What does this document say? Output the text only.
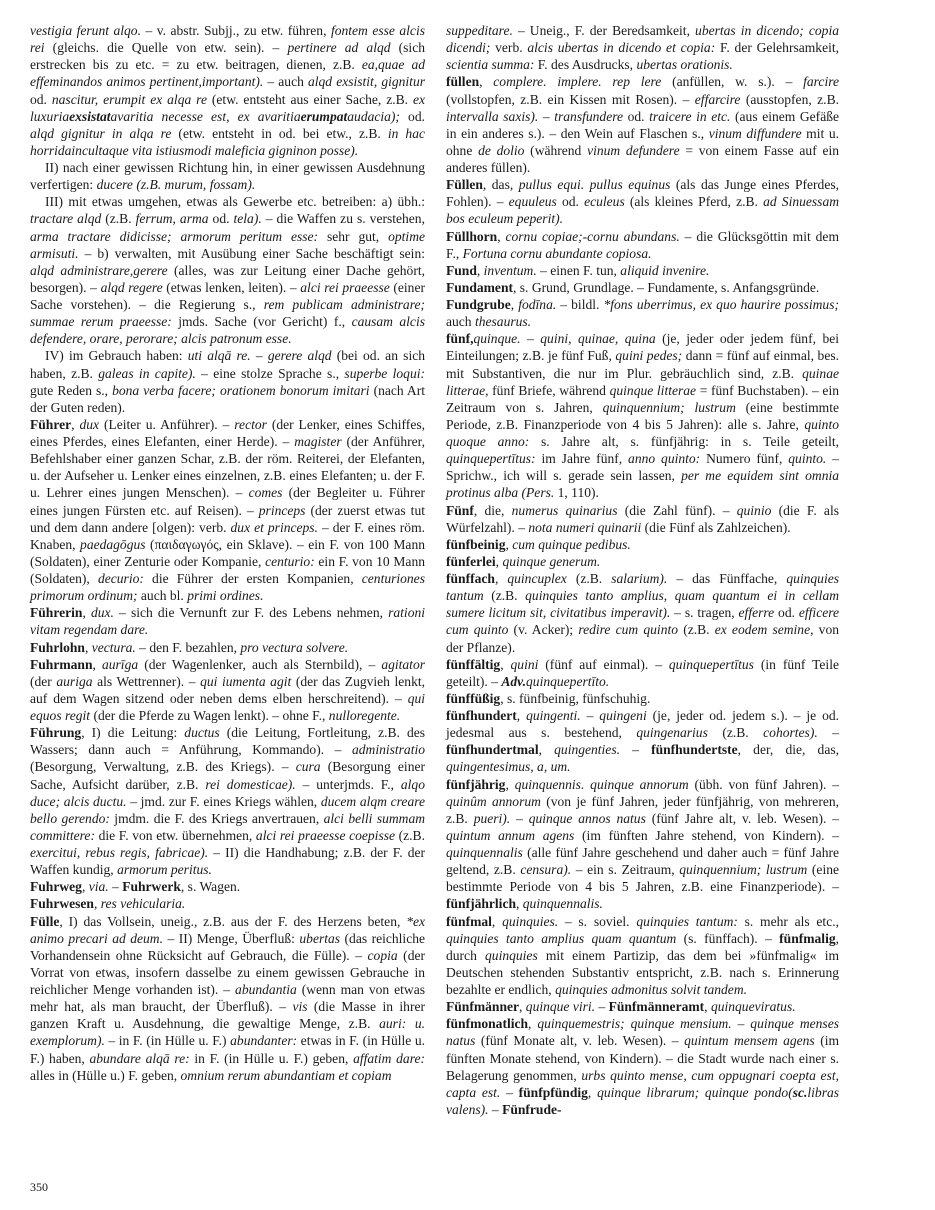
vestigia ferunt alqo. – v. abstr. Subjj., zu etw. führen, fontem esse alcis rei (gleichs. die Quelle von etw. sein). – pertinere ad alqd (sich erstrecken bis zu etc. = zu etw. beitragen, dienen, z.B. ea,quae ad effeminandos animos pertinent,important). – auch alqd exsistit, gignitur od. nascitur, erumpit ex alqa re (etw. entsteht aus einer Sache, z.B. ex luxuriaexsistatavaritia necesse est, ex avaritiaerumpataudacia); od. alqd gignitur in alqa re (etw. entsteht in od. bei etw., z.B. in hac horridaincultaque vita istiusmodi maleficia gigninon posse).

II) nach einer gewissen Richtung hin, in einer gewissen Ausdehnung verfertigen: ducere (z.B. murum, fossam).

III) mit etwas umgehen, etwas als Gewerbe etc. betreiben: a) übh.: tractare alqd (z.B. ferrum, arma od. tela). – die Waffen zu s. verstehen, arma tractare didicisse; armorum peritum esse: sehr gut, optime armisuti. – b) verwalten, mit Ausübung einer Sache beschäftigt sein: alqd administrare,gerere (alles, was zur Leitung einer Dache gehört, besorgen). – alqd regere (etwas lenken, leiten). – alci rei praeesse (einer Sache vorstehen). – die Regierung s., rem publicam administrare; summae rerum praeesse: jmds. Sache (vor Gericht) f., causam alcis defendere, orare, perorare; alcis patronum esse.

IV) im Gebrauch haben: uti alqā re. – gerere alqd (bei od. an sich haben, z.B. galeas in capite). – eine stolze Sprache s., superbe loqui: gute Reden s., bona verba facere; orationem bonorum imitari (nach Art der Guten reden).

Führer, dux (Leiter u. Anführer). – rector (der Lenker, eines Schiffes, eines Pferdes, eines Elefanten, einer Herde). – magister (der Anführer, Befehlshaber einer ganzen Schar, z.B. der röm. Reiterei, der Elefanten, u. der Aufseher u. Lenker eines einzelnen, z.B. eines Elefanten; u. der F. u. Lehrer eines jungen Menschen). – comes (der Begleiter u. Führer eines jungen Fürsten etc. auf Reisen). – princeps (der zuerst etwas tut und dem dann andere [olgen): verb. dux et princeps. – der F. eines röm. Knaben, paedagōgus (παιδαγωγός, ein Sklave). – ein F. von 100 Mann (Soldaten), einer Zenturie oder Kompanie, centurio: ein F. von 10 Mann (Soldaten), decurio: die Führer der ersten Kompanien, centuriones primorum ordinum; auch bl. primi ordines.

Führerin, dux. – sich die Vernunft zur F. des Lebens nehmen, rationi vitam regendam dare.

Fuhrlohn, vectura. – den F. bezahlen, pro vectura solvere.

Fuhrmann, aurīga (der Wagenlenker, auch als Sternbild), – agitator (der auriga als Wettrenner). – qui iumenta agit (der das Zugvieh lenkt, auf dem Wagen sitzend oder neben dems elben herschreitend). – qui equos regit (der die Pferde zu Wagen lenkt). – ohne F., nulloregente.

Führung, I) die Leitung: ductus (die Leitung, Fortleitung, z.B. des Wassers; dann auch = Anführung, Kommando). – administratio (Besorgung, Verwaltung, z.B. des Kriegs). – cura (Besorgung einer Sache, Aufsicht darüber, z.B. rei domesticae). – unterjmds. F., alqo duce; alcis ductu. – jmd. zur F. eines Kriegs wählen, ducem alqm creare bello gerendo: jmdm. die F. des Kriegs anvertrauen, alci belli summam committere: die F. von etw. übernehmen, alci rei praeesse coepisse (z.B. exercitui, rebus regis, fabricae). – II) die Handhabung; z.B. der F. der Waffen kundig, armorum peritus.

Fuhrweg, via. – Fuhrwerk, s. Wagen.

Fuhrwesen, res vehicularia.

Fülle, I) das Vollsein, uneig., z.B. aus der F. des Herzens beten, *ex animo precari ad deum. – II) Menge, Überfluß: ubertas (das reichliche Vorhandensein ohne Rücksicht auf Gebrauch, die Fülle). – copia (der Vorrat von etwas, insofern dasselbe zu einem gewissen Gebrauche in reichlicher Menge vorhanden ist). – abundantia (wenn man von etwas mehr hat, als man braucht, der Überfluß). – vis (die Masse in ihrer ganzen Kraft u. Ausdehnung, die gewaltige Menge, z.B. auri: u. exemplorum). – in F. (in Hülle u. F.) abundanter: etwas in F. (in Hülle u. F.) haben, abundare alqā re: in F. (in Hülle u. F.) geben, affatim dare: alles in (Hülle u.) F. geben, omnium rerum abundantiam et copiam

suppeditare. – Uneig., F. der Beredsamkeit, ubertas in dicendo; copia dicendi; verb. alcis ubertas in dicendo et copia: F. der Gelehrsamkeit, scientia summa: F. des Ausdrucks, ubertas orationis.

füllen, complere. implere. rep lere (anfüllen, w. s.). – farcire (vollstopfen, z.B. ein Kissen mit Rosen). – effarcire (ausstopfen, z.B. intervalla saxis). – transfundere od. traicere in etc. (aus einem Gefäße in ein anderes s.). – den Wein auf Flaschen s., vinum diffundere mit u. ohne de dolio (während vinum defundere = von einem Fasse auf ein anderes füllen).

Füllen, das, pullus equi. pullus equinus (als das Junge eines Pferdes, Fohlen). – equuleus od. eculeus (als kleines Pferd, z.B. ad Sinuessam bos eculeum peperit).

Füllhorn, cornu copiae;-cornu abundans. – die Glücksgöttin mit dem F., Fortuna cornu abundante copiosa.

Fund, inventum. – einen F. tun, aliquid invenire.

Fundament, s. Grund, Grundlage. – Fundamente, s. Anfangsgründe.

Fundgrube, fodīna. – bildl. *fons uberrimus, ex quo haurire possimus; auch thesaurus.

fünf,quinque. – quini, quinae, quina (je, jeder oder jedem fünf, bei Einteilungen; z.B. je fünf Fuß, quini pedes; dann = fünf auf einmal, bes. mit Substantiven, die nur im Plur. gebräuchlich sind, z.B. quinae litterae, fünf Briefe, während quinque litterae = fünf Buchstaben). – ein Zeitraum von s. Jahren, quinquennium; lustrum (eine bestimmte Periode, z.B. Finanzperiode von 4 bis 5 Jahren): alle s. Jahre, quinto quoque anno: s. Jahre alt, s. fünfjährig: in s. Teile geteilt, quinquepertītus: im Jahre fünf, anno quinto: Numero fünf, quinto. – Sprichw., ich will s. gerade sein lassen, per me equidem sint omnia protinus alba (Pers. 1, 110).

Fünf, die, numerus quinarius (die Zahl fünf). – quinio (die F. als Würfelzahl). – nota numeri quinarii (die Fünf als Zahlzeichen).

fünfbeinig, cum quinque pedibus.

fünferlei, quinque generum.

fünffach, quincuplex (z.B. salarium). – das Fünffache, quinquies tantum (z.B. quinquies tanto amplius, quam quantum ei in cellam sumere licitum sit, civitatibus imperavit). – s. tragen, efferre od. efficere cum quinto (v. Acker); redire cum quinto (z.B. ex eodem semine, von der Pflanze).

fünffältig, quini (fünf auf einmal). – quinquepertītus (in fünf Teile geteilt). – Adv.quinquepertīto.

fünffüßig, s. fünfbeinig, fünfschuhig.

fünfhundert, quingenti. – quingeni (je, jeder od. jedem s.). – je od. jedesmal aus s. bestehend, quingenarius (z.B. cohortes). – fünfhundertmal, quingenties. – fünfhundertste, der, die, das, quingentesimus, a, um.

fünfjährig, quinquennis. quinque annorum (übh. von fünf Jahren). – quinûm annorum (von je fünf Jahren, jeder fünfjährig, von mehreren, z.B. pueri). – quinque annos natus (fünf Jahre alt, v. leb. Wesen). – quintum annum agens (im fünften Jahre stehend, von Kindern). – quinquennalis (alle fünf Jahre geschehend und daher auch = fünf Jahre geltend, z.B. censura). – ein s. Zeitraum, quinquennium; lustrum (eine bestimmte Periode von 4 bis 5 Jahren, z.B. eine Finanzperiode). – fünfjährlich, quinquennalis.

fünfmal, quinquies. – s. soviel. quinquies tantum: s. mehr als etc., quinquies tanto amplius quam quantum (s. fünffach). – fünfmalig, durch quinquies mit einem Partizip, das dem bei »fünfmalig« im Deutschen stehenden Substantiv entspricht, z.B. nach s. Erinnerung bezahlte er endlich, quinquies admonitus solvit tandem.

Fünfmänner, quinque viri. – Fünfmänneramt, quinqueviratus.

fünfmonatlich, quinquemestris; quinque mensium. – quinque menses natus (fünf Monate alt, v. leb. Wesen). – quintum mensem agens (im fünften Monate stehend, von Kindern). – die Stadt wurde nach einer s. Belagerung genommen, urbs quinto mense, cum oppugnari coepta est, capta est. – fünfpfündig, quinque librarum; quinque pondo(sc.libras valens). – Fünfrude-

350
